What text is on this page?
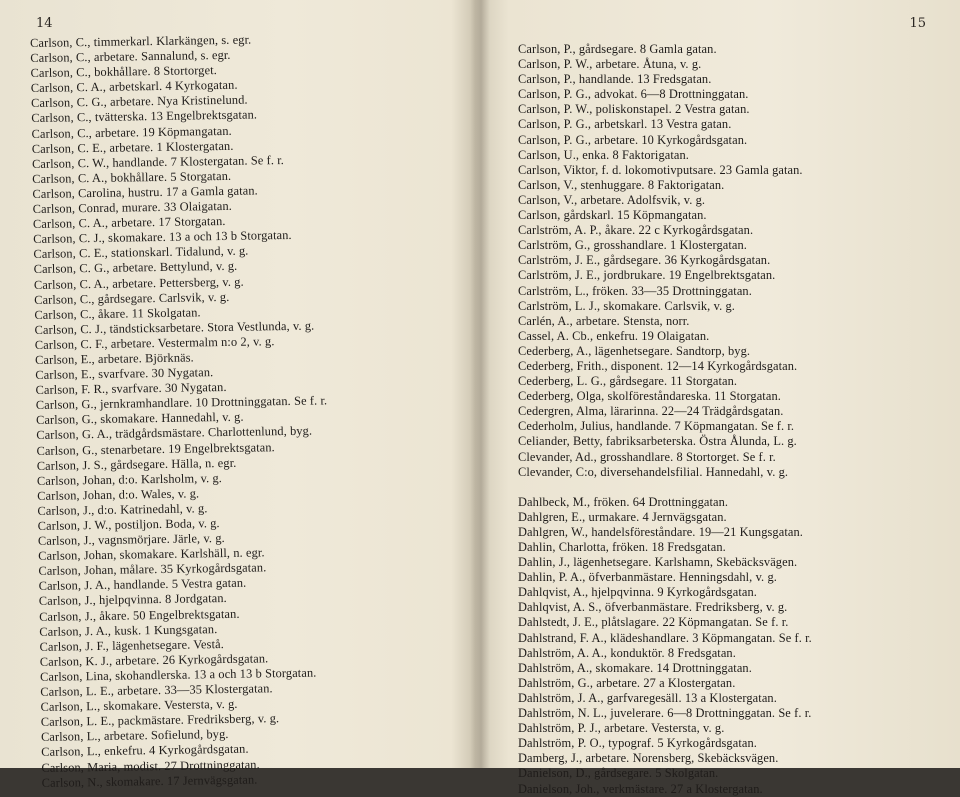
14
Carlson, C., timmerkarl. Klarkängen, s. egr.
Carlson, C., arbetare. Sannalund, s. egr.
Carlson, C., bokhållare. 8 Stortorget.
Carlson, C. A., arbetskarl. 4 Kyrkogatan.
Carlson, C. G., arbetare. Nya Kristinelund.
Carlson, C., tvätterska. 13 Engelbrektsgatan.
Carlson, C., arbetare. 19 Köpmangatan.
Carlson, C. E., arbetare. 1 Klostergatan.
Carlson, C. W., handlande. 7 Klostergatan. Se f. r.
Carlson, C. A., bokhållare. 5 Storgatan.
Carlson, Carolina, hustru. 17 a Gamla gatan.
Carlson, Conrad, murare. 33 Olaigatan.
Carlson, C. A., arbetare. 17 Storgatan.
Carlson, C. J., skomakare. 13 a och 13 b Storgatan.
Carlson, C. E., stationskarl. Tidalund, v. g.
Carlson, C. G., arbetare. Bettylund, v. g.
Carlson, C. A., arbetare. Pettersberg, v. g.
Carlson, C., gårdsegare. Carlsvik, v. g.
Carlson, C., åkare. 11 Skolgatan.
Carlson, C. J., tändsticksarbetare. Stora Vestlunda, v. g.
Carlson, C. F., arbetare. Vestermalm n:o 2, v. g.
Carlson, E., arbetare. Björknäs.
Carlson, E., svarfvare. 30 Nygatan.
Carlson, F. R., svarfvare. 30 Nygatan.
Carlson, G., jernkramhandlare. 10 Drottninggatan. Se f. r.
Carlson, G., skomakare. Hannedahl, v. g.
Carlson, G. A., trädgårdsmästare. Charlottenlund, byg.
Carlson, G., stenarbetare. 19 Engelbrektsgatan.
Carlson, J. S., gårdsegare. Hälla, n. egr.
Carlson, Johan, d:o. Karlsholm, v. g.
Carlson, Johan, d:o. Wales, v. g.
Carlson, J., d:o. Katrinedahl, v. g.
Carlson, J. W., postiljon. Boda, v. g.
Carlson, J., vagnsmörjare. Järle, v. g.
Carlson, Johan, skomakare. Karlshäll, n. egr.
Carlson, Johan, målare. 35 Kyrkogårdsgatan.
Carlson, J. A., handlande. 5 Vestra gatan.
Carlson, J., hjelpqvinna. 8 Jordgatan.
Carlson, J., åkare. 50 Engelbrektsgatan.
Carlson, J. A., kusk. 1 Kungsgatan.
Carlson, J. F., lägenhetsegare. Vestå.
Carlson, K. J., arbetare. 26 Kyrkogårdsgatan.
Carlson, Lina, skohandlerska. 13 a och 13 b Storgatan.
Carlson, L. E., arbetare. 33—35 Klostergatan.
Carlson, L., skomakare. Vestersta, v. g.
Carlson, L. E., packmästare. Fredriksberg, v. g.
Carlson, L., arbetare. Sofielund, byg.
Carlson, L., enkefru. 4 Kyrkogårdsgatan.
Carlson, Maria, modist. 27 Drottninggatan.
Carlson, N., skomakare. 17 Jernvägsgatan.
15
Carlson, P., gårdsegare. 8 Gamla gatan.
Carlson, P. W., arbetare. Åtuna, v. g.
Carlson, P., handlande. 13 Fredsgatan.
Carlson, P. G., advokat. 6—8 Drottninggatan.
Carlson, P. W., poliskonstapel. 2 Vestra gatan.
Carlson, P. G., arbetskarl. 13 Vestra gatan.
Carlson, P. G., arbetare. 10 Kyrkogårdsgatan.
Carlson, U., enka. 8 Faktorigatan.
Carlson, Viktor, f. d. lokomotivputsare. 23 Gamla gatan.
Carlson, V., stenhuggare. 8 Faktorigatan.
Carlson, V., arbetare. Adolfsvik, v. g.
Carlson, gårdskarl. 15 Köpmangatan.
Carlström, A. P., åkare. 22 c Kyrkogårdsgatan.
Carlström, G., grosshandlare. 1 Klostergatan.
Carlström, J. E., gårdsegare. 36 Kyrkogårdsgatan.
Carlström, J. E., jordbrukare. 19 Engelbrektsgatan.
Carlström, L., fröken. 33—35 Drottninggatan.
Carlström, L. J., skomakare. Carlsvik, v. g.
Carlén, A., arbetare. Stensta, norr.
Cassel, A. Cb., enkefru. 19 Olaigatan.
Cederberg, A., lägenhetsegare. Sandtorp, byg.
Cederberg, Frith., disponent. 12—14 Kyrkogårdsgatan.
Cederberg, L. G., gårdsegare. 11 Storgatan.
Cederberg, Olga, skolföreståndareska. 11 Storgatan.
Cedergren, Alma, lärarinna. 22—24 Trädgårdsgatan.
Cederholm, Julius, handlande. 7 Köpmangatan. Se f. r.
Celiander, Betty, fabriksarbeterska. Östra Ålunda, L. g.
Clevander, Ad., grosshandlare. 8 Stortorget. Se f. r.
Clevander, C:o, diversehandelsfilial. Hannedahl, v. g.
Dahlbeck, M., fröken. 64 Drottninggatan.
Dahlgren, E., urmakare. 4 Jernvägsgatan.
Dahlgren, W., handelsföreståndare. 19—21 Kungsgatan.
Dahlin, Charlotta, fröken. 18 Fredsgatan.
Dahlin, J., lägenhetsegare. Karlshamn, Skebäcksvägen.
Dahlin, P. A., öfverbanmästare. Henningsdahl, v. g.
Dahlqvist, A., hjelpqvinna. 9 Kyrkogårdsgatan.
Dahlqvist, A. S., öfverbanmästare. Fredriksberg, v. g.
Dahlstedt, J. E., plåtslagare. 22 Köpmangatan. Se f. r.
Dahlstrand, F. A., klädeshandlare. 3 Köpmangatan. Se f. r.
Dahlström, A. A., konduktör. 8 Fredsgatan.
Dahlström, A., skomakare. 14 Drottninggatan.
Dahlström, G., arbetare. 27 a Klostergatan.
Dahlström, J. A., garfvaregesäll. 13 a Klostergatan.
Dahlström, N. L., juvelerare. 6—8 Drottninggatan. Se f. r.
Dahlström, P. J., arbetare. Vestersta, v. g.
Dahlström, P. O., typograf. 5 Kyrkogårdsgatan.
Damberg, J., arbetare. Norensberg, Skebäcksvägen.
Danielson, D., gårdsegare. 5 Skolgatan.
Danielson, Joh., verkmästare. 27 a Klostergatan.
